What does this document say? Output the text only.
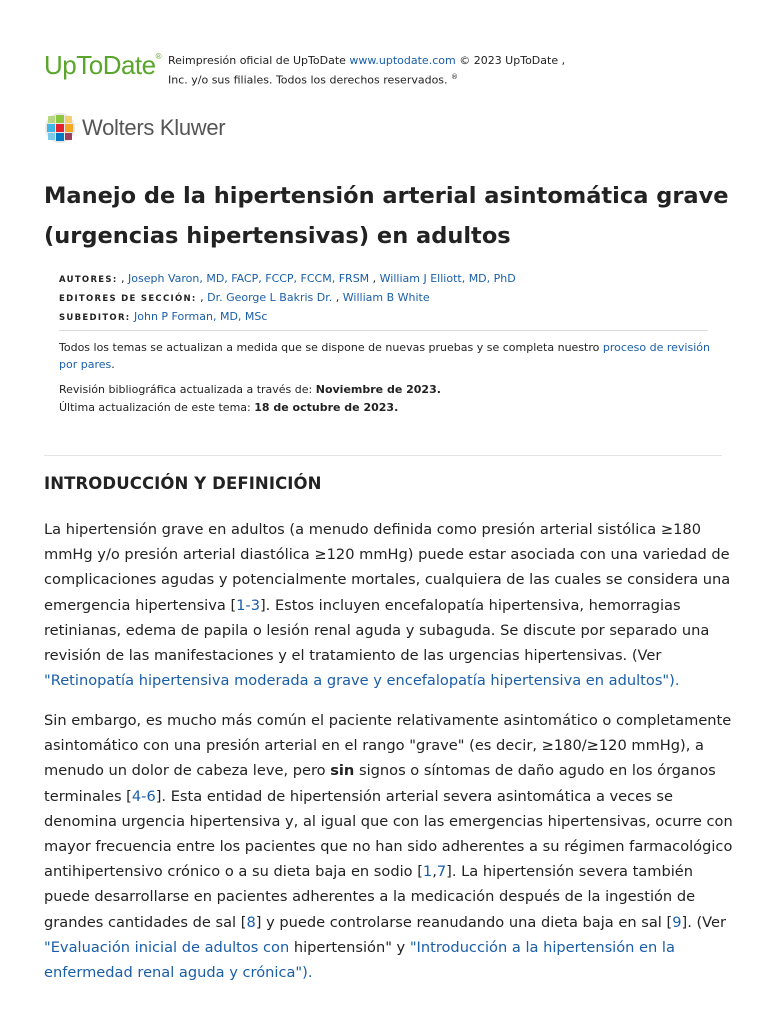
UpToDate® Reimpresión oficial de UpToDate www.uptodate.com © 2023 UpToDate , Inc. y/o sus filiales. Todos los derechos reservados. ®
Wolters Kluwer
Manejo de la hipertensión arterial asintomática grave (urgencias hipertensivas) en adultos
AUTORES: , Joseph Varon, MD, FACP, FCCP, FCCM, FRSM , William J Elliott, MD, PhD
EDITORES DE SECCIÓN: , Dr. George L Bakris Dr. , William B White
SUBEDITOR: John P Forman, MD, MSc
Todos los temas se actualizan a medida que se dispone de nuevas pruebas y se completa nuestro proceso de revisión por pares.
Revisión bibliográfica actualizada a través de: Noviembre de 2023.
Última actualización de este tema: 18 de octubre de 2023.
INTRODUCCIÓN Y DEFINICIÓN

La hipertensión grave en adultos (a menudo definida como presión arterial sistólica ≥180 mmHg y/o presión arterial diastólica ≥120 mmHg) puede estar asociada con una variedad de complicaciones agudas y potencialmente mortales, cualquiera de las cuales se considera una emergencia hipertensiva [1-3]. Estos incluyen encefalopatía hipertensiva, hemorragias retinianas, edema de papila o lesión renal aguda y subaguda. Se discute por separado una revisión de las manifestaciones y el tratamiento de las urgencias hipertensivas. (Ver "Retinopatía hipertensiva moderada a grave y encefalopatía hipertensiva en adultos").

Sin embargo, es mucho más común el paciente relativamente asintomático o completamente asintomático con una presión arterial en el rango "grave" (es decir, ≥180/≥120 mmHg), a menudo un dolor de cabeza leve, pero sin signos o síntomas de daño agudo en los órganos terminales [4-6]. Esta entidad de hipertensión arterial severa asintomática a veces se denomina urgencia hipertensiva y, al igual que con las emergencias hipertensivas, ocurre con mayor frecuencia entre los pacientes que no han sido adherentes a su régimen farmacológico antihipertensivo crónico o a su dieta baja en sodio [1,7]. La hipertensión severa también puede desarrollarse en pacientes adherentes a la medicación después de la ingestión de grandes cantidades de sal [8] y puede controlarse reanudando una dieta baja en sal [9]. (Ver "Evaluación inicial de adultos con hipertensión" y "Introducción a la hipertensión en la enfermedad renal aguda y crónica").
